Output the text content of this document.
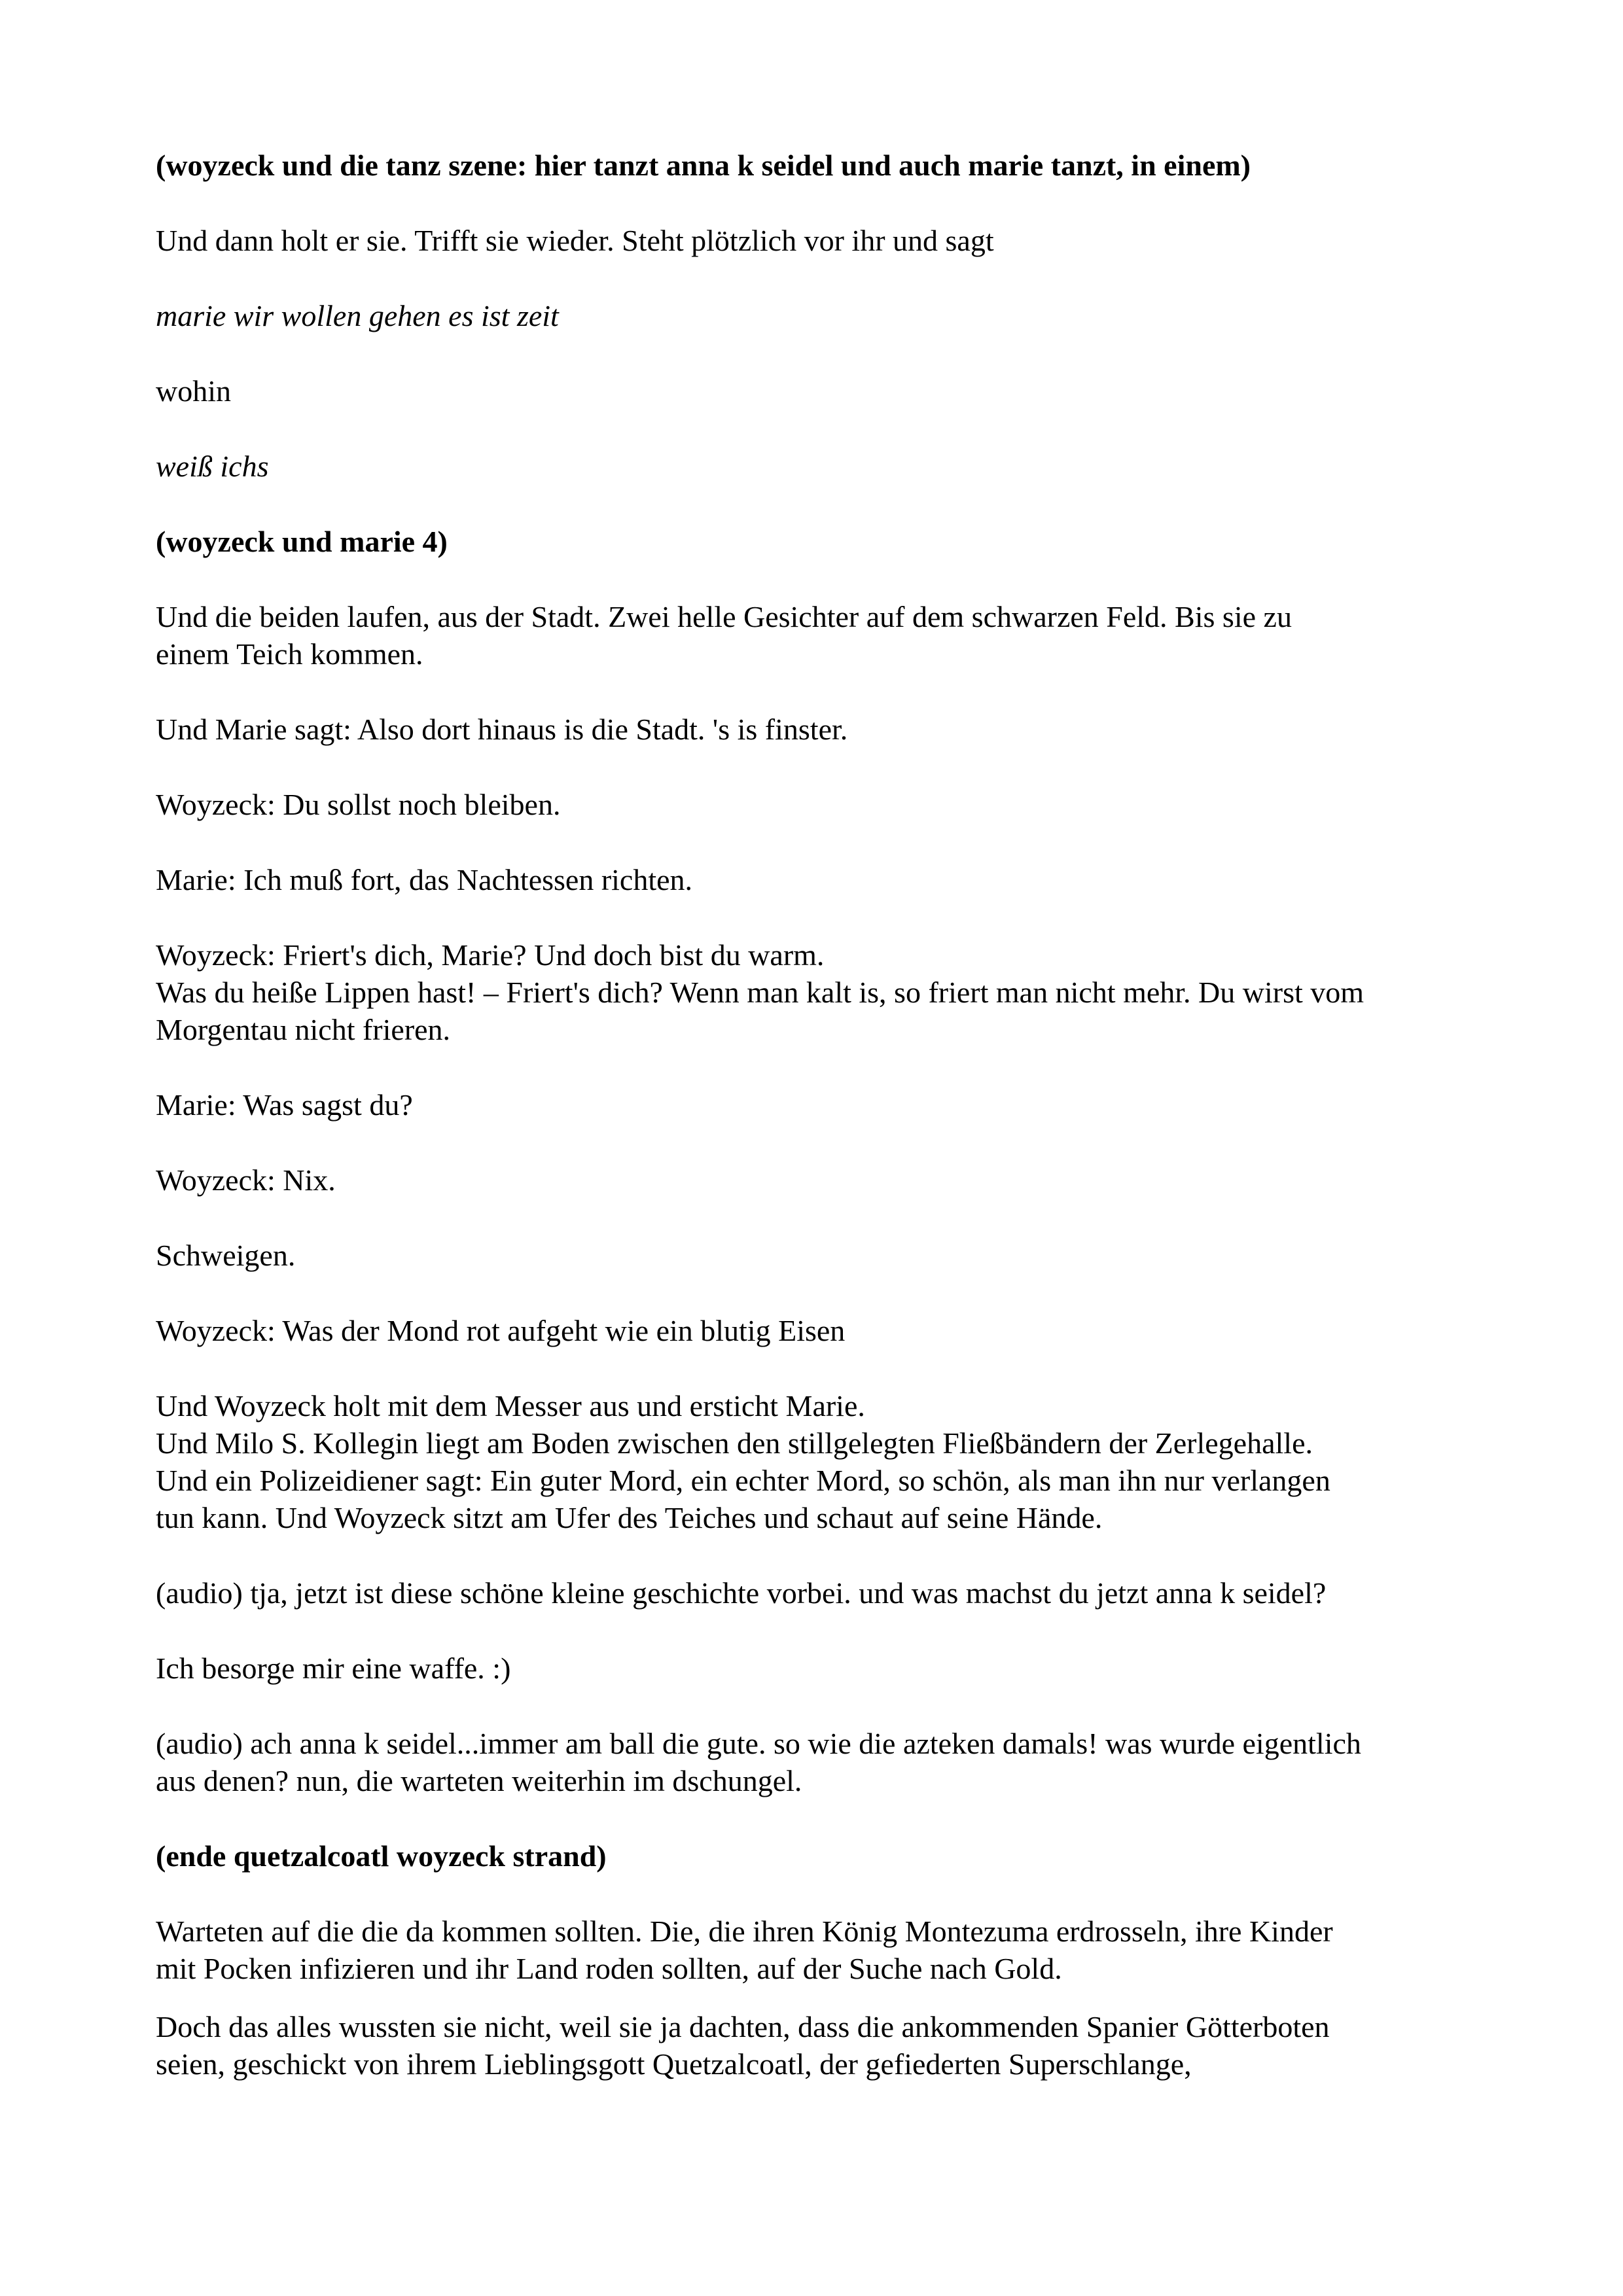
(woyzeck und die tanz szene: hier tanzt anna k seidel und auch marie tanzt, in einem)
Und dann holt er sie. Trifft sie wieder. Steht plötzlich vor ihr und sagt
marie wir wollen gehen es ist zeit
wohin
weiß ichs
(woyzeck und marie 4)
Und die beiden laufen, aus der Stadt. Zwei helle Gesichter auf dem schwarzen Feld. Bis sie zu
einem Teich kommen.
Und Marie sagt: Also dort hinaus is die Stadt. 's is finster.
Woyzeck: Du sollst noch bleiben.
Marie: Ich muß fort, das Nachtessen richten.
Woyzeck: Friert's dich, Marie? Und doch bist du warm.
Was du heiße Lippen hast! – Friert's dich? Wenn man kalt is, so friert man nicht mehr. Du wirst vom
Morgentau nicht frieren.
Marie: Was sagst du?
Woyzeck: Nix.
Schweigen.
Woyzeck: Was der Mond rot aufgeht wie ein blutig Eisen
Und Woyzeck holt mit dem Messer aus und ersticht Marie.
Und Milo S. Kollegin liegt am Boden zwischen den stillgelegten Fließbändern der Zerlegehalle.
Und ein Polizeidiener sagt: Ein guter Mord, ein echter Mord, so schön, als man ihn nur verlangen
tun kann. Und Woyzeck sitzt am Ufer des Teiches und schaut auf seine Hände.
(audio) tja, jetzt ist diese schöne kleine geschichte vorbei. und was machst du jetzt anna k seidel?
Ich besorge mir eine waffe. :)
(audio) ach anna k seidel...immer am ball die gute. so wie die azteken damals! was wurde eigentlich
aus denen? nun, die warteten weiterhin im dschungel.
(ende quetzalcoatl woyzeck strand)
Warteten auf die die da kommen sollten. Die, die ihren König Montezuma erdrosseln, ihre Kinder
mit Pocken infizieren und ihr Land roden sollten, auf der Suche nach Gold.
Doch das alles wussten sie nicht, weil sie ja dachten, dass die ankommenden Spanier Götterboten
seien, geschickt von ihrem Lieblingsgott Quetzalcoatl, der gefiederten Superschlange,
